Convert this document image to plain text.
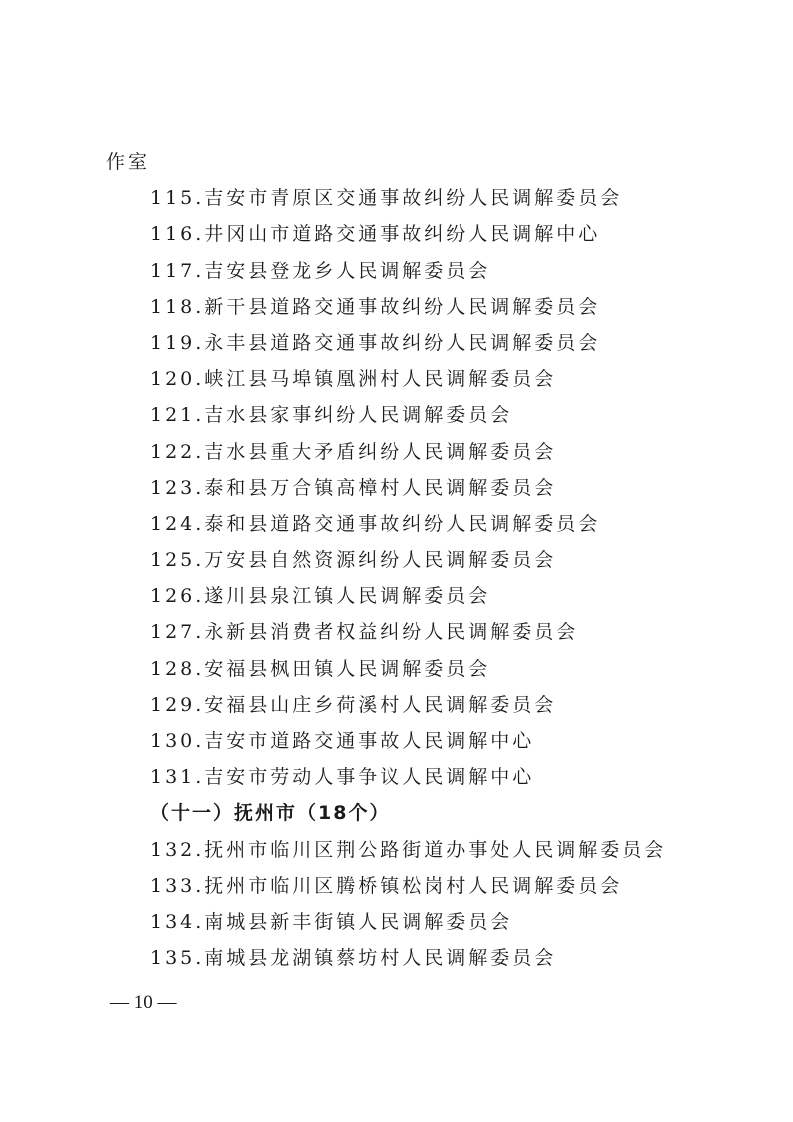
作室
115.吉安市青原区交通事故纠纷人民调解委员会
116.井冈山市道路交通事故纠纷人民调解中心
117.吉安县登龙乡人民调解委员会
118.新干县道路交通事故纠纷人民调解委员会
119.永丰县道路交通事故纠纷人民调解委员会
120.峡江县马埠镇凰洲村人民调解委员会
121.吉水县家事纠纷人民调解委员会
122.吉水县重大矛盾纠纷人民调解委员会
123.泰和县万合镇高樟村人民调解委员会
124.泰和县道路交通事故纠纷人民调解委员会
125.万安县自然资源纠纷人民调解委员会
126.遂川县泉江镇人民调解委员会
127.永新县消费者权益纠纷人民调解委员会
128.安福县枫田镇人民调解委员会
129.安福县山庄乡荷溪村人民调解委员会
130.吉安市道路交通事故人民调解中心
131.吉安市劳动人事争议人民调解中心
（十一）抚州市（18个）
132.抚州市临川区荆公路街道办事处人民调解委员会
133.抚州市临川区腾桥镇松岗村人民调解委员会
134.南城县新丰街镇人民调解委员会
135.南城县龙湖镇蔡坊村人民调解委员会
— 10 —
